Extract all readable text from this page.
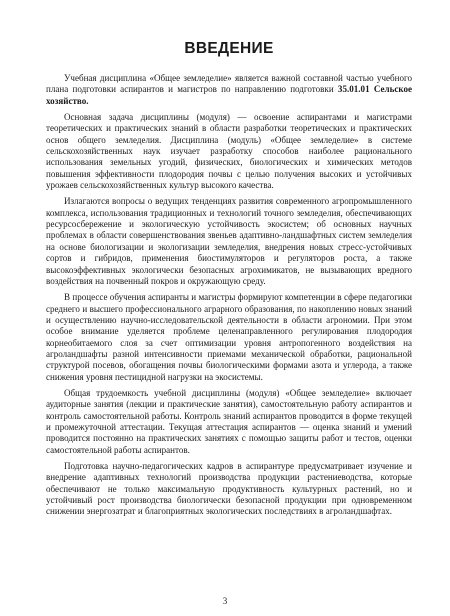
ВВЕДЕНИЕ

Учебная дисциплина «Общее земледелие» является важной составной частью учебного плана подготовки аспирантов и магистров по направлению подготовки 35.01.01 Сельское хозяйство.

Основная задача дисциплины (модуля) — освоение аспирантами и магистрами теоретических и практических знаний в области разработки теоретических и практических основ общего земледелия. Дисциплина (модуль) «Общее земледелие» в системе сельскохозяйственных наук изучает разработку способов наиболее рационального использования земельных угодий, физических, биологических и химических методов повышения эффективности плодородия почвы с целью получения высоких и устойчивых урожаев сельскохозяйственных культур высокого качества.

Излагаются вопросы о ведущих тенденциях развития современного агропромышленного комплекса, использования традиционных и технологий точного земледелия, обеспечивающих ресурсосбережение и экологическую устойчивость экосистем; об основных научных проблемах в области совершенствования звеньев адаптивно-ландшафтных систем земледелия на основе биологизации и экологизации земледелия, внедрения новых стресс-устойчивых сортов и гибридов, применения биостимуляторов и регуляторов роста, а также высокоэффективных экологически безопасных агрохимикатов, не вызывающих вредного воздействия на почвенный покров и окружающую среду.

В процессе обучения аспиранты и магистры формируют компетенции в сфере педагогики среднего и высшего профессионального аграрного образования, по накоплению новых знаний и осуществлению научно-исследовательской деятельности в области агрономии. При этом особое внимание уделяется проблеме целенаправленного регулирования плодородия корнеобитаемого слоя за счет оптимизации уровня антропогенного воздействия на агроландшафты разной интенсивности приемами механической обработки, рациональной структурой посевов, обогащения почвы биологическими формами азота и углерода, а также снижения уровня пестицидной нагрузки на экосистемы.

Общая трудоемкость учебной дисциплины (модуля) «Общее земледелие» включает аудиторные занятия (лекции и практические занятия), самостоятельную работу аспирантов и контроль самостоятельной работы. Контроль знаний аспирантов проводится в форме текущей и промежуточной аттестации. Текущая аттестация аспирантов — оценка знаний и умений проводится постоянно на практических занятиях с помощью защиты работ и тестов, оценки самостоятельной работы аспирантов.

Подготовка научно-педагогических кадров в аспирантуре предусматривает изучение и внедрение адаптивных технологий производства продукции растениеводства, которые обеспечивают не только максимальную продуктивность культурных растений, но и устойчивый рост производства биологически безопасной продукции при одновременном снижении энергозатрат и благоприятных экологических последствиях в агроландшафтах.

3
